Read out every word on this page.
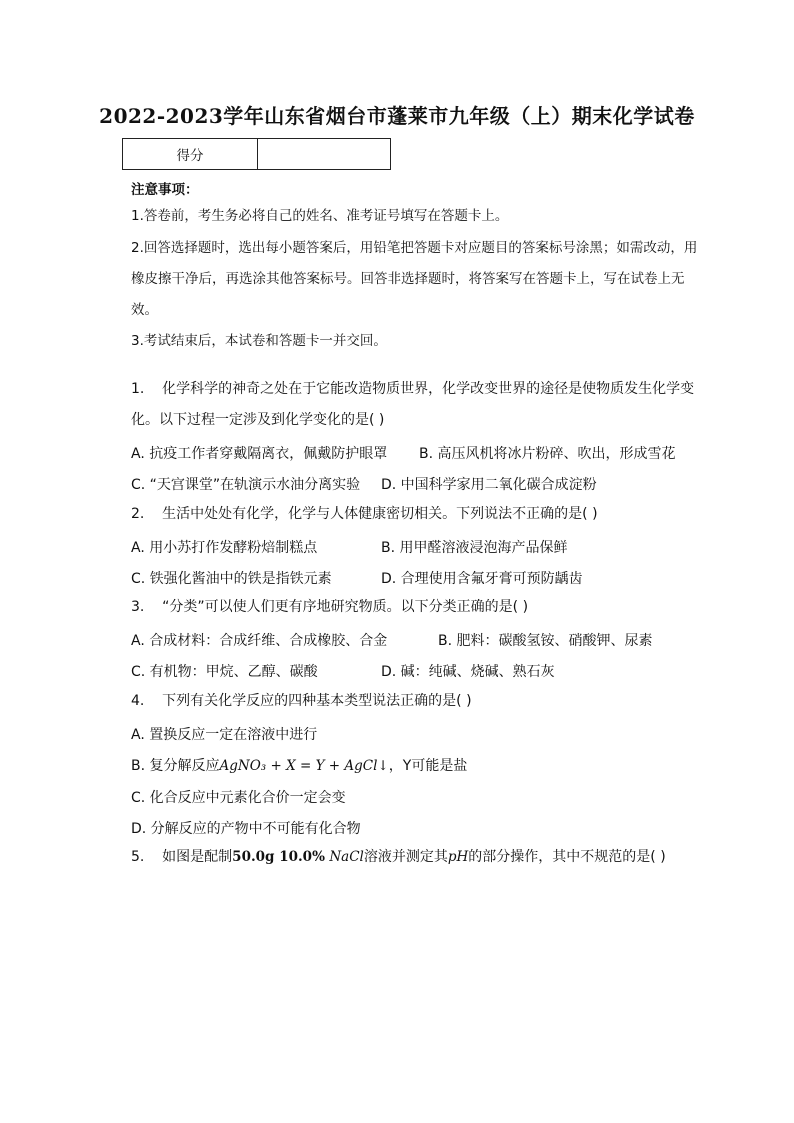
2022-2023学年山东省烟台市蓬莱市九年级（上）期末化学试卷
得分	
注意事项：
1.答卷前，考生务必将自己的姓名、准考证号填写在答题卡上。
2.回答选择题时，选出每小题答案后，用铅笔把答题卡对应题目的答案标号涂黑；如需改动，用橡皮擦干净后，再选涂其他答案标号。回答非选择题时，将答案写在答题卡上，写在试卷上无效。
3.考试结束后，本试卷和答题卡一并交回。
1. 化学科学的神奇之处在于它能改造物质世界，化学改变世界的途径是使物质发生化学变化。以下过程一定涉及到化学变化的是( )
A. 抗疫工作者穿戴隔离衣，佩戴防护眼罩 B. 高压风机将冰片粉碎、吹出，形成雪花
C. “天宫课堂”在轨演示水油分离实验 D. 中国科学家用二氧化碳合成淀粉
2. 生活中处处有化学，化学与人体健康密切相关。下列说法不正确的是( )
A. 用小苏打作发酵粉焙制糕点	B. 用甲醛溶液浸泡海产品保鲜
C. 铁强化酱油中的铁是指铁元素	D. 合理使用含氟牙膏可预防龋齿
3. “分类”可以使人们更有序地研究物质。以下分类正确的是( )
A. 合成材料：合成纤维、合成橡胶、合金	B. 肥料：碳酸氢铵、硝酸钾、尿素
C. 有机物：甲烷、乙醇、碳酸	D. 碱：纯碱、烧碱、熟石灰
4. 下列有关化学反应的四种基本类型说法正确的是( )
A. 置换反应一定在溶液中进行
B. 复分解反应AgNO₃ + X = Y + AgCl↓，Y可能是盐
C. 化合反应中元素化合价一定会变
D. 分解反应的产物中不可能有化合物
5. 如图是配制50.0g 10.0% NaCl溶液并测定其pH的部分操作，其中不规范的是( )
